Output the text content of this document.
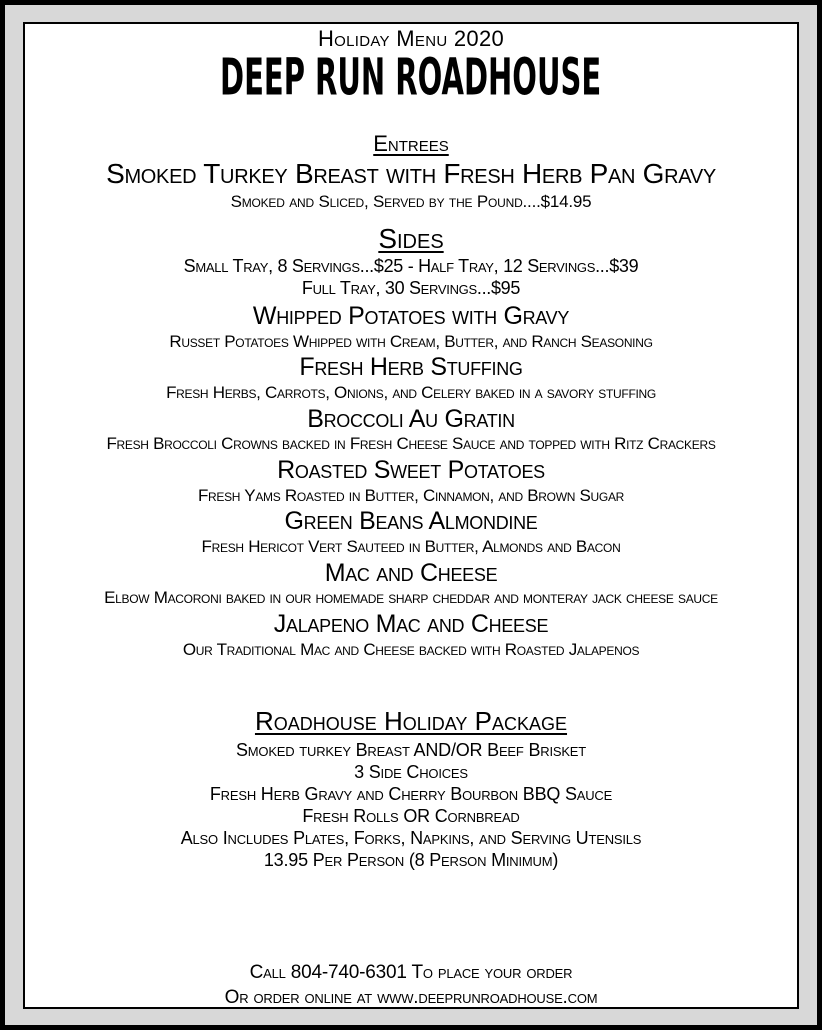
Holiday Menu 2020
DEEP RUN ROADHOUSE
Entrees
Smoked Turkey Breast with Fresh Herb Pan Gravy
Smoked and Sliced, Served by the Pound....$14.95
Sides
Small Tray, 8 Servings...$25 - Half Tray, 12 Servings...$39
Full Tray, 30 Servings...$95
Whipped Potatoes with Gravy
Russet Potatoes Whipped with Cream, Butter, and Ranch Seasoning
Fresh Herb Stuffing
Fresh Herbs, Carrots, Onions, and Celery baked in a savory stuffing
Broccoli Au Gratin
Fresh Broccoli Crowns backed in Fresh Cheese Sauce and topped with Ritz Crackers
Roasted Sweet Potatoes
Fresh Yams Roasted in Butter, Cinnamon, and Brown Sugar
Green Beans Almondine
Fresh Hericot Vert Sauteed in Butter, Almonds and Bacon
Mac and Cheese
Elbow Macoroni baked in our homemade sharp cheddar and monteray jack cheese sauce
Jalapeno Mac and Cheese
Our Traditional Mac and Cheese backed with Roasted Jalapenos
Roadhouse Holiday Package
Smoked turkey Breast AND/OR Beef Brisket
3 Side Choices
Fresh Herb Gravy and Cherry Bourbon BBQ Sauce
Fresh Rolls OR Cornbread
Also Includes Plates, Forks, Napkins, and Serving Utensils
13.95 Per Person (8 Person Minimum)
Call 804-740-6301 To place your order
Or order online at www.deeprunroadhouse.com
